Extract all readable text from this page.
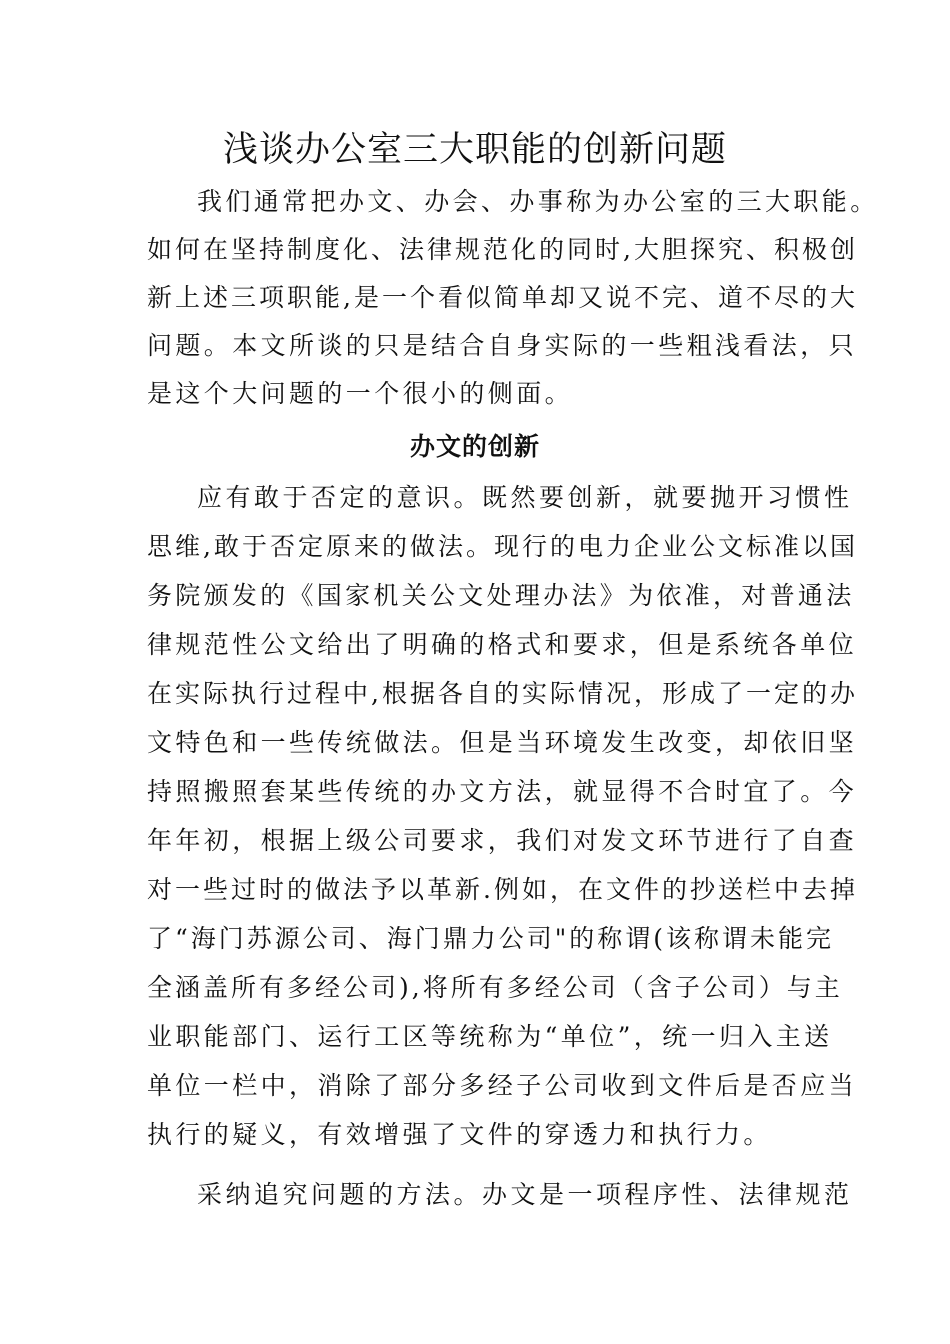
浅谈办公室三大职能的创新问题
我们通常把办文、办会、办事称为办公室的三大职能。
如何在坚持制度化、法律规范化的同时,大胆探究、积极创
新上述三项职能,是一个看似简单却又说不完、道不尽的大
问题。本文所谈的只是结合自身实际的一些粗浅看法，只
是这个大问题的一个很小的侧面。
办文的创新
应有敢于否定的意识。既然要创新，就要抛开习惯性
思维,敢于否定原来的做法。现行的电力企业公文标准以国
务院颁发的《国家机关公文处理办法》为依准，对普通法
律规范性公文给出了明确的格式和要求，但是系统各单位
在实际执行过程中,根据各自的实际情况，形成了一定的办
文特色和一些传统做法。但是当环境发生改变，却依旧坚
持照搬照套某些传统的办文方法，就显得不合时宜了。今
年年初，根据上级公司要求，我们对发文环节进行了自查
对一些过时的做法予以革新.例如，在文件的抄送栏中去掉
了“海门苏源公司、海门鼎力公司"的称谓(该称谓未能完
全涵盖所有多经公司),将所有多经公司（含子公司）与主
业职能部门、运行工区等统称为“单位”，统一归入主送
单位一栏中，消除了部分多经子公司收到文件后是否应当
执行的疑义，有效增强了文件的穿透力和执行力。
采纳追究问题的方法。办文是一项程序性、法律规范
